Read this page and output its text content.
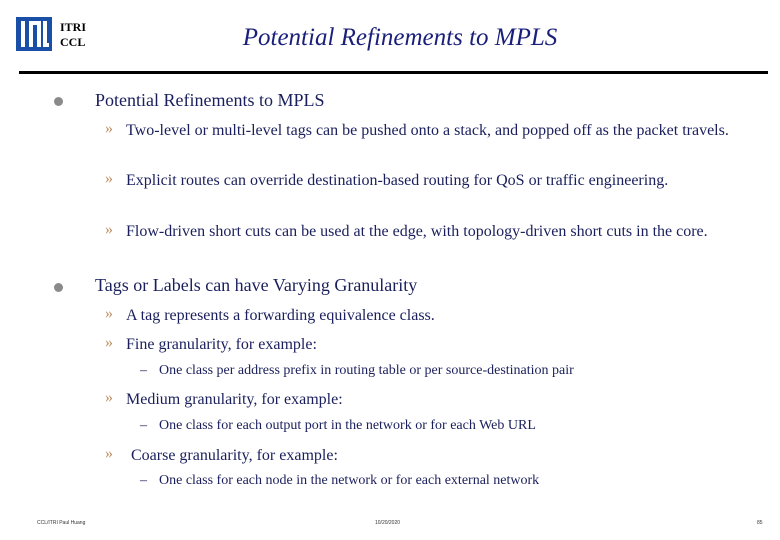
ITRI
CCL	Potential Refinements to MPLS
Potential Refinements to MPLS
» Two-level or multi-level tags can be pushed onto a stack, and popped off as the packet travels.
» Explicit routes can override destination-based routing for QoS or traffic engineering.
» Flow-driven short cuts can be used at the edge, with topology-driven short cuts in the core.
Tags or Labels can have Varying Granularity
» A tag represents a forwarding equivalence class.
» Fine granularity, for example:
– One class per address prefix in routing table or per source-destination pair
» Medium granularity, for example:
– One class for each output port in the network or for each Web URL
» Coarse granularity, for example:
– One class for each node in the network or for each external network
CCL/ITRI Paul Huang	10/20/2020	85
